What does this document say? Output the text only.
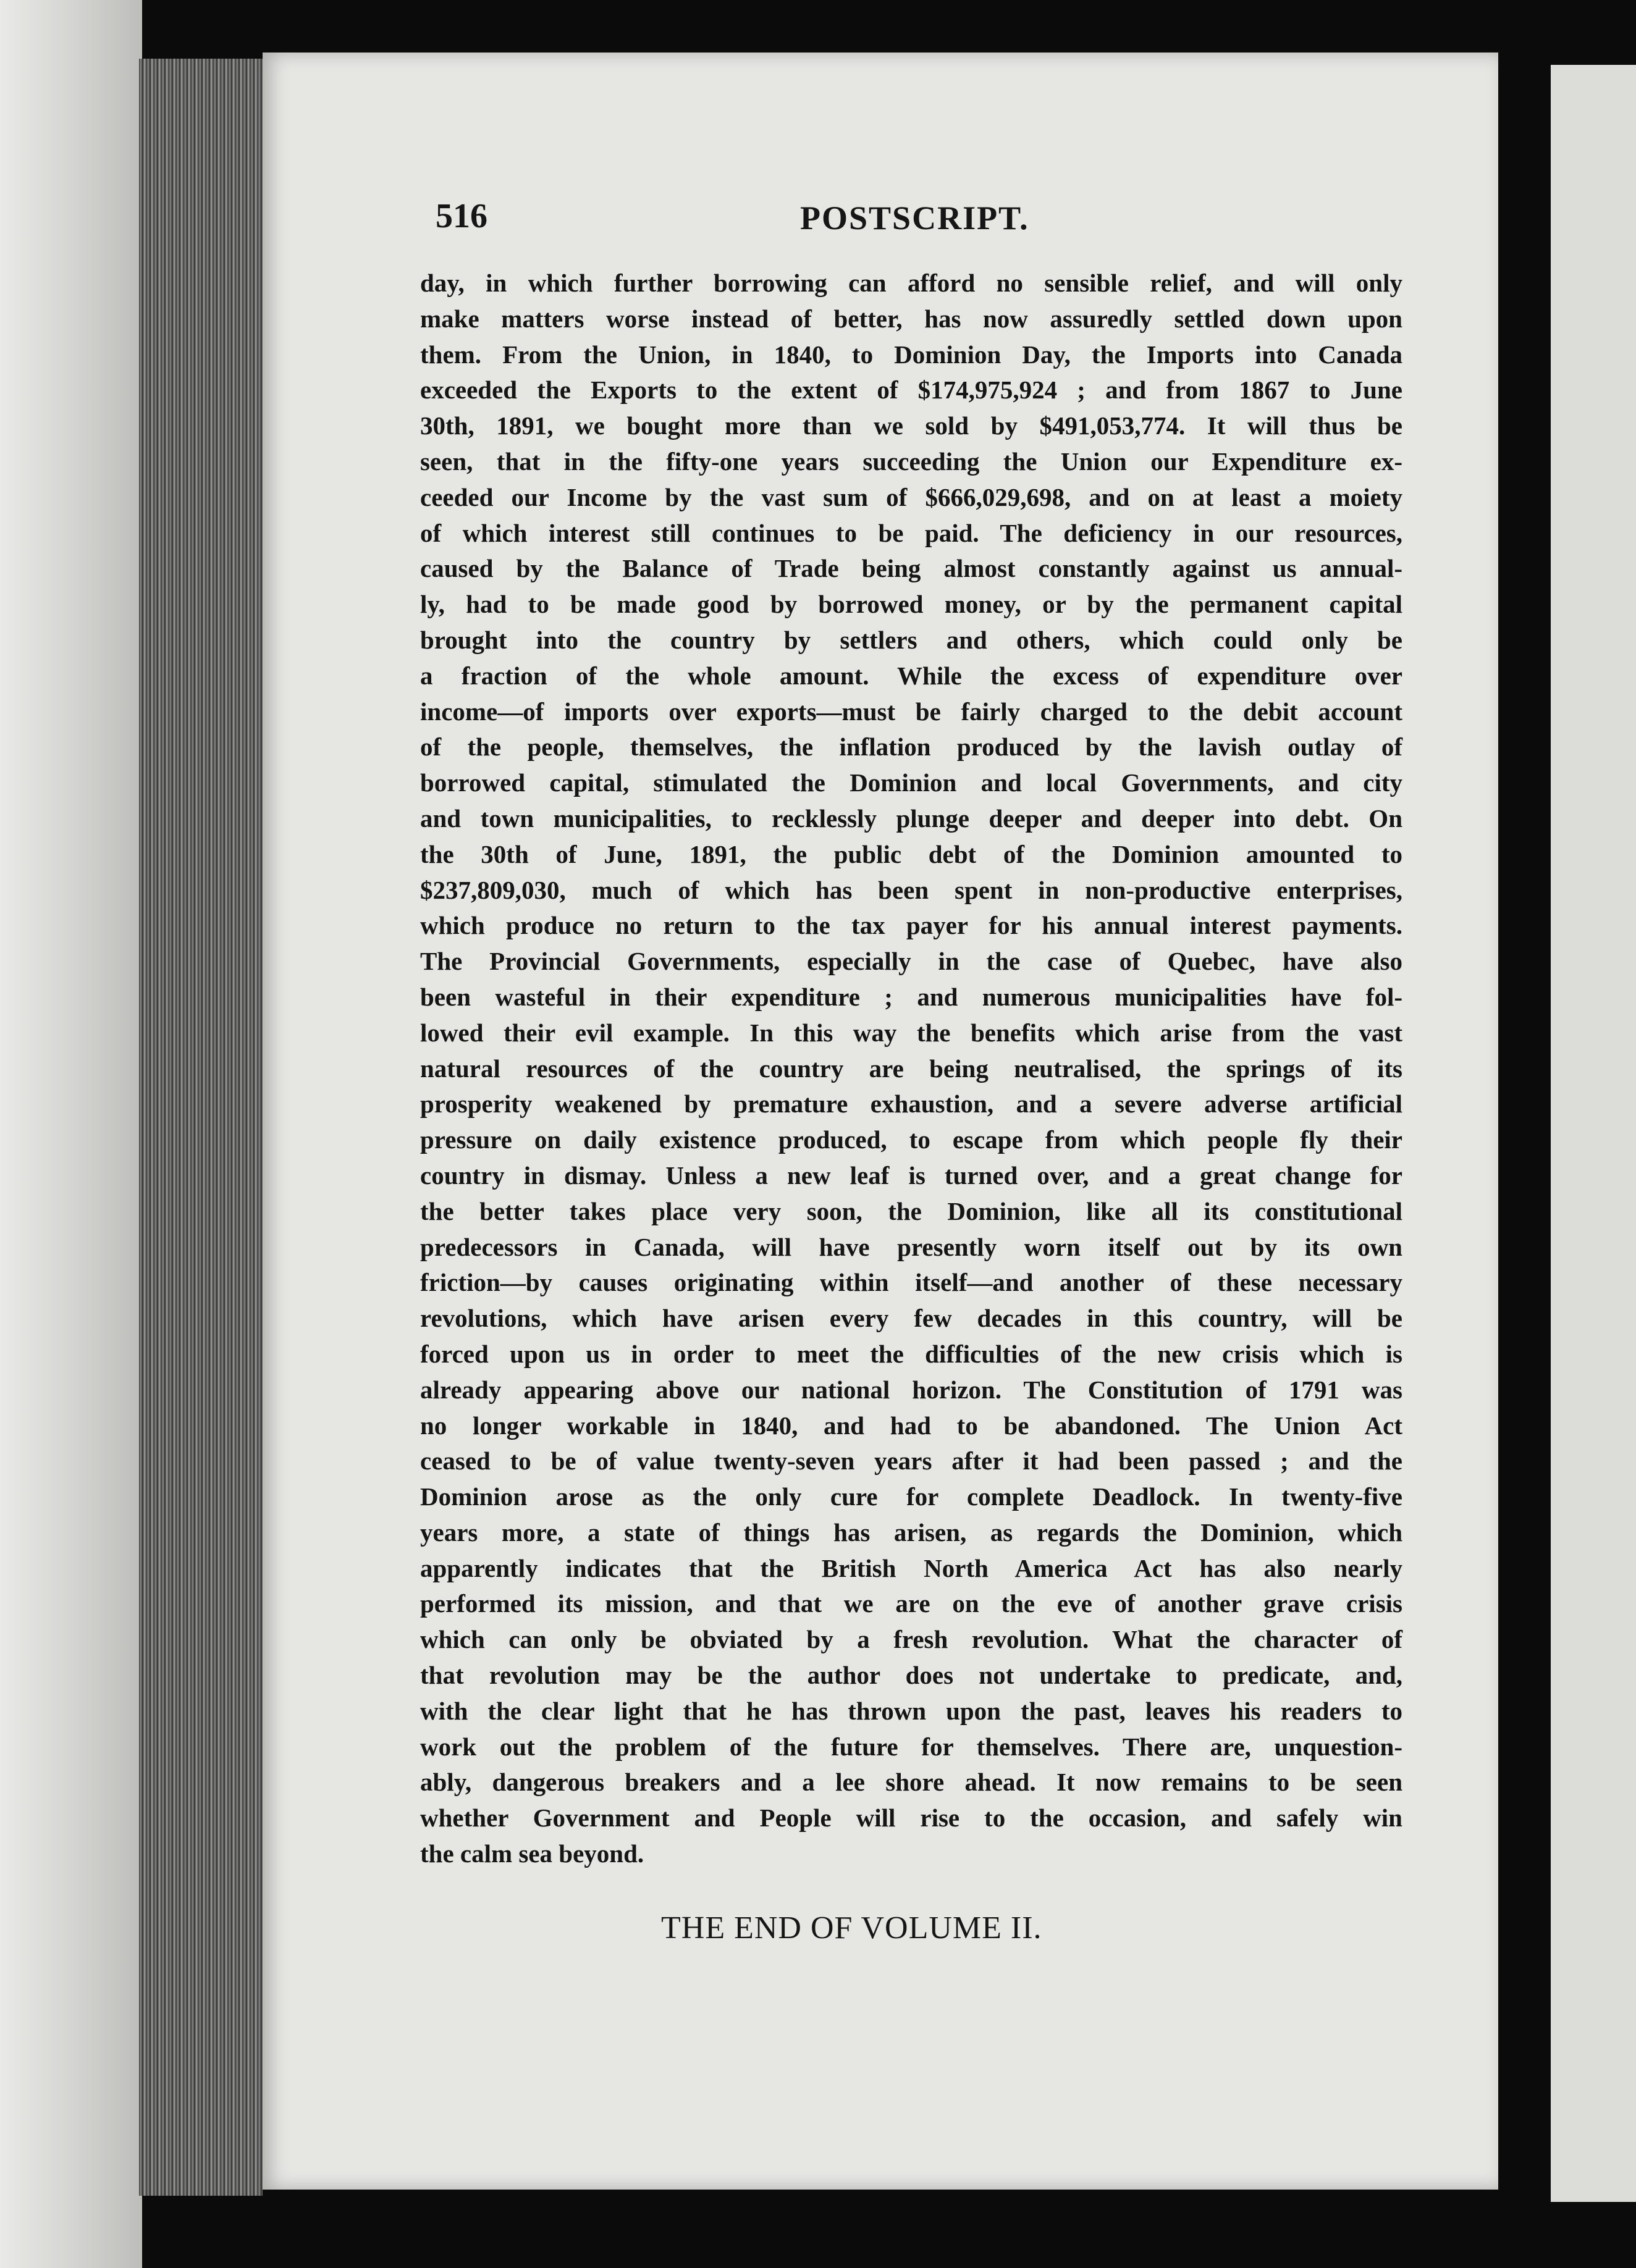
516	POSTSCRIPT.
day, in which further borrowing can afford no sensible relief, and will only
make matters worse instead of better, has now assuredly settled down upon
them. From the Union, in 1840, to Dominion Day, the Imports into Canada
exceeded the Exports to the extent of $174,975,924 ; and from 1867 to June
30th, 1891, we bought more than we sold by $491,053,774. It will thus be
seen, that in the fifty-one years succeeding the Union our Expenditure ex-
ceeded our Income by the vast sum of $666,029,698, and on at least a moiety
of which interest still continues to be paid. The deficiency in our resources,
caused by the Balance of Trade being almost constantly against us annual-
ly, had to be made good by borrowed money, or by the permanent capital
brought into the country by settlers and others, which could only be
a fraction of the whole amount. While the excess of expenditure over
income—of imports over exports—must be fairly charged to the debit account
of the people, themselves, the inflation produced by the lavish outlay of
borrowed capital, stimulated the Dominion and local Governments, and city
and town municipalities, to recklessly plunge deeper and deeper into debt. On
the 30th of June, 1891, the public debt of the Dominion amounted to
$237,809,030, much of which has been spent in non-productive enterprises,
which produce no return to the tax payer for his annual interest payments.
The Provincial Governments, especially in the case of Quebec, have also
been wasteful in their expenditure ; and numerous municipalities have fol-
lowed their evil example. In this way the benefits which arise from the vast
natural resources of the country are being neutralised, the springs of its
prosperity weakened by premature exhaustion, and a severe adverse artificial
pressure on daily existence produced, to escape from which people fly their
country in dismay. Unless a new leaf is turned over, and a great change for
the better takes place very soon, the Dominion, like all its constitutional
predecessors in Canada, will have presently worn itself out by its own
friction—by causes originating within itself—and another of these necessary
revolutions, which have arisen every few decades in this country, will be
forced upon us in order to meet the difficulties of the new crisis which is
already appearing above our national horizon. The Constitution of 1791 was
no longer workable in 1840, and had to be abandoned. The Union Act
ceased to be of value twenty-seven years after it had been passed ; and the
Dominion arose as the only cure for complete Deadlock. In twenty-five
years more, a state of things has arisen, as regards the Dominion, which
apparently indicates that the British North America Act has also nearly
performed its mission, and that we are on the eve of another grave crisis
which can only be obviated by a fresh revolution. What the character of
that revolution may be the author does not undertake to predicate, and,
with the clear light that he has thrown upon the past, leaves his readers to
work out the problem of the future for themselves. There are, unquestion-
ably, dangerous breakers and a lee shore ahead. It now remains to be seen
whether Government and People will rise to the occasion, and safely win
the calm sea beyond.
THE END OF VOLUME II.
